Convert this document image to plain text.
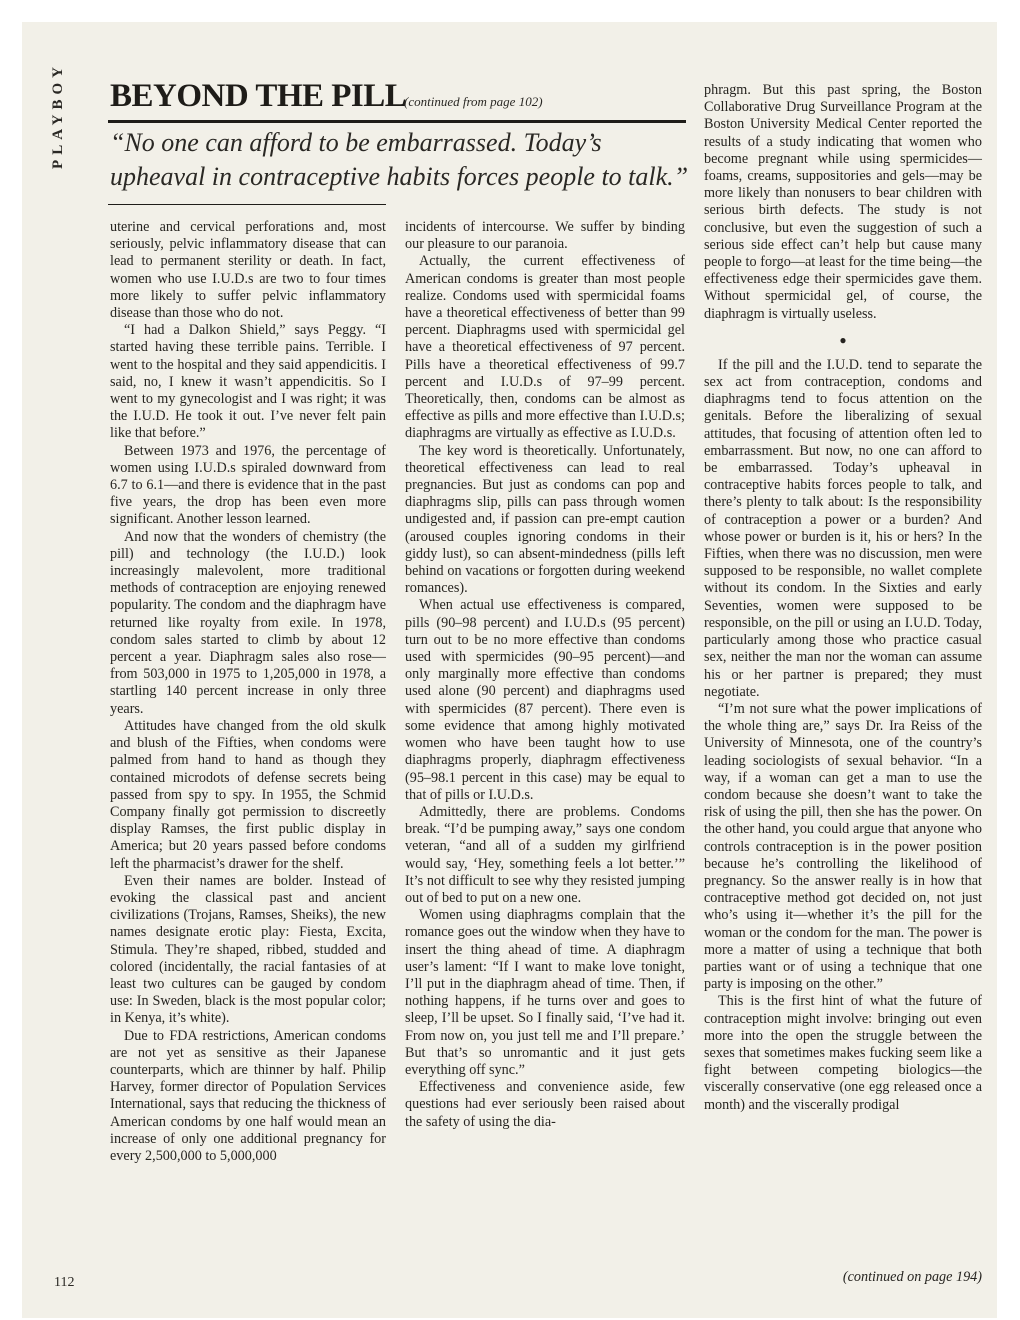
PLAYBOY BEYOND THE PILL
(continued from page 102)
“No one can afford to be embarrassed. Today’s upheaval in contraceptive habits forces people to talk.”

uterine and cervical perforations and, most seriously, pelvic inflammatory disease that can lead to permanent sterility or death. In fact, women who use I.U.D.s are two to four times more likely to suffer pelvic inflammatory disease than those who do not.

“I had a Dalkon Shield,” says Peggy. “I started having these terrible pains. Terrible. I went to the hospital and they said appendicitis. I said, no, I knew it wasn’t appendicitis. So I went to my gynecologist and I was right; it was the I.U.D. He took it out. I’ve never felt pain like that before.”

Between 1973 and 1976, the percentage of women using I.U.D.s spiraled downward from 6.7 to 6.1—and there is evidence that in the past five years, the drop has been even more significant. Another lesson learned.

And now that the wonders of chemistry (the pill) and technology (the I.U.D.) look increasingly malevolent, more traditional methods of contraception are enjoying renewed popularity. The condom and the diaphragm have returned like royalty from exile. In 1978, condom sales started to climb by about 12 percent a year. Diaphragm sales also rose—from 503,000 in 1975 to 1,205,000 in 1978, a startling 140 percent increase in only three years.

Attitudes have changed from the old skulk and blush of the Fifties, when condoms were palmed from hand to hand as though they contained microdots of defense secrets being passed from spy to spy. In 1955, the Schmid Company finally got permission to discreetly display Ramses, the first public display in America; but 20 years passed before condoms left the pharmacist’s drawer for the shelf.

Even their names are bolder. Instead of evoking the classical past and ancient civilizations (Trojans, Ramses, Sheiks), the new names designate erotic play: Fiesta, Excita, Stimula. They’re shaped, ribbed, studded and colored (incidentally, the racial fantasies of at least two cultures can be gauged by condom use: In Sweden, black is the most popular color; in Kenya, it’s white).

Due to FDA restrictions, American condoms are not yet as sensitive as their Japanese counterparts, which are thinner by half. Philip Harvey, former director of Population Services International, says that reducing the thickness of American condoms by one half would mean an increase of only one additional pregnancy for every 2,500,000 to 5,000,000

incidents of intercourse. We suffer by binding our pleasure to our paranoia.

Actually, the current effectiveness of American condoms is greater than most people realize. Condoms used with spermicidal foams have a theoretical effectiveness of better than 99 percent. Diaphragms used with spermicidal gel have a theoretical effectiveness of 97 percent. Pills have a theoretical effectiveness of 99.7 percent and I.U.D.s of 97–99 percent. Theoretically, then, condoms can be almost as effective as pills and more effective than I.U.D.s; diaphragms are virtually as effective as I.U.D.s.

The key word is theoretically. Unfortunately, theoretical effectiveness can lead to real pregnancies. But just as condoms can pop and diaphragms slip, pills can pass through women undigested and, if passion can pre-empt caution (aroused couples ignoring condoms in their giddy lust), so can absent-mindedness (pills left behind on vacations or forgotten during weekend romances).

When actual use effectiveness is compared, pills (90–98 percent) and I.U.D.s (95 percent) turn out to be no more effective than condoms used with spermicides (90–95 percent)—and only marginally more effective than condoms used alone (90 percent) and diaphragms used with spermicides (87 percent). There even is some evidence that among highly motivated women who have been taught how to use diaphragms properly, diaphragm effectiveness (95–98.1 percent in this case) may be equal to that of pills or I.U.D.s.

Admittedly, there are problems. Condoms break. “I’d be pumping away,” says one condom veteran, “and all of a sudden my girlfriend would say, ‘Hey, something feels a lot better.’” It’s not difficult to see why they resisted jumping out of bed to put on a new one.

Women using diaphragms complain that the romance goes out the window when they have to insert the thing ahead of time. A diaphragm user’s lament: “If I want to make love tonight, I’ll put in the diaphragm ahead of time. Then, if nothing happens, if he turns over and goes to sleep, I’ll be upset. So I finally said, ‘I’ve had it. From now on, you just tell me and I’ll prepare.’ But that’s so unromantic and it just gets everything off sync.”

Effectiveness and convenience aside, few questions had ever seriously been raised about the safety of using the dia-

phragm. But this past spring, the Boston Collaborative Drug Surveillance Program at the Boston University Medical Center reported the results of a study indicating that women who become pregnant while using spermicides—foams, creams, suppositories and gels—may be more likely than nonusers to bear children with serious birth defects. The study is not conclusive, but even the suggestion of such a serious side effect can’t help but cause many people to forgo—at least for the time being—the effectiveness edge their spermicides gave them. Without spermicidal gel, of course, the diaphragm is virtually useless.

●

If the pill and the I.U.D. tend to separate the sex act from contraception, condoms and diaphragms tend to focus attention on the genitals. Before the liberalizing of sexual attitudes, that focusing of attention often led to embarrassment. But now, no one can afford to be embarrassed. Today’s upheaval in contraceptive habits forces people to talk, and there’s plenty to talk about: Is the responsibility of contraception a power or a burden? And whose power or burden is it, his or hers? In the Fifties, when there was no discussion, men were supposed to be responsible, no wallet complete without its condom. In the Sixties and early Seventies, women were supposed to be responsible, on the pill or using an I.U.D. Today, particularly among those who practice casual sex, neither the man nor the woman can assume his or her partner is prepared; they must negotiate.

“I’m not sure what the power implications of the whole thing are,” says Dr. Ira Reiss of the University of Minnesota, one of the country’s leading sociologists of sexual behavior. “In a way, if a woman can get a man to use the condom because she doesn’t want to take the risk of using the pill, then she has the power. On the other hand, you could argue that anyone who controls contraception is in the power position because he’s controlling the likelihood of pregnancy. So the answer really is in how that contraceptive method got decided on, not just who’s using it—whether it’s the pill for the woman or the condom for the man. The power is more a matter of using a technique that both parties want or of using a technique that one party is imposing on the other.”

This is the first hint of what the future of contraception might involve: bringing out even more into the open the struggle between the sexes that sometimes makes fucking seem like a fight between competing biologics—the viscerally conservative (one egg released once a month) and the viscerally prodigal

(continued on page 194)
112
